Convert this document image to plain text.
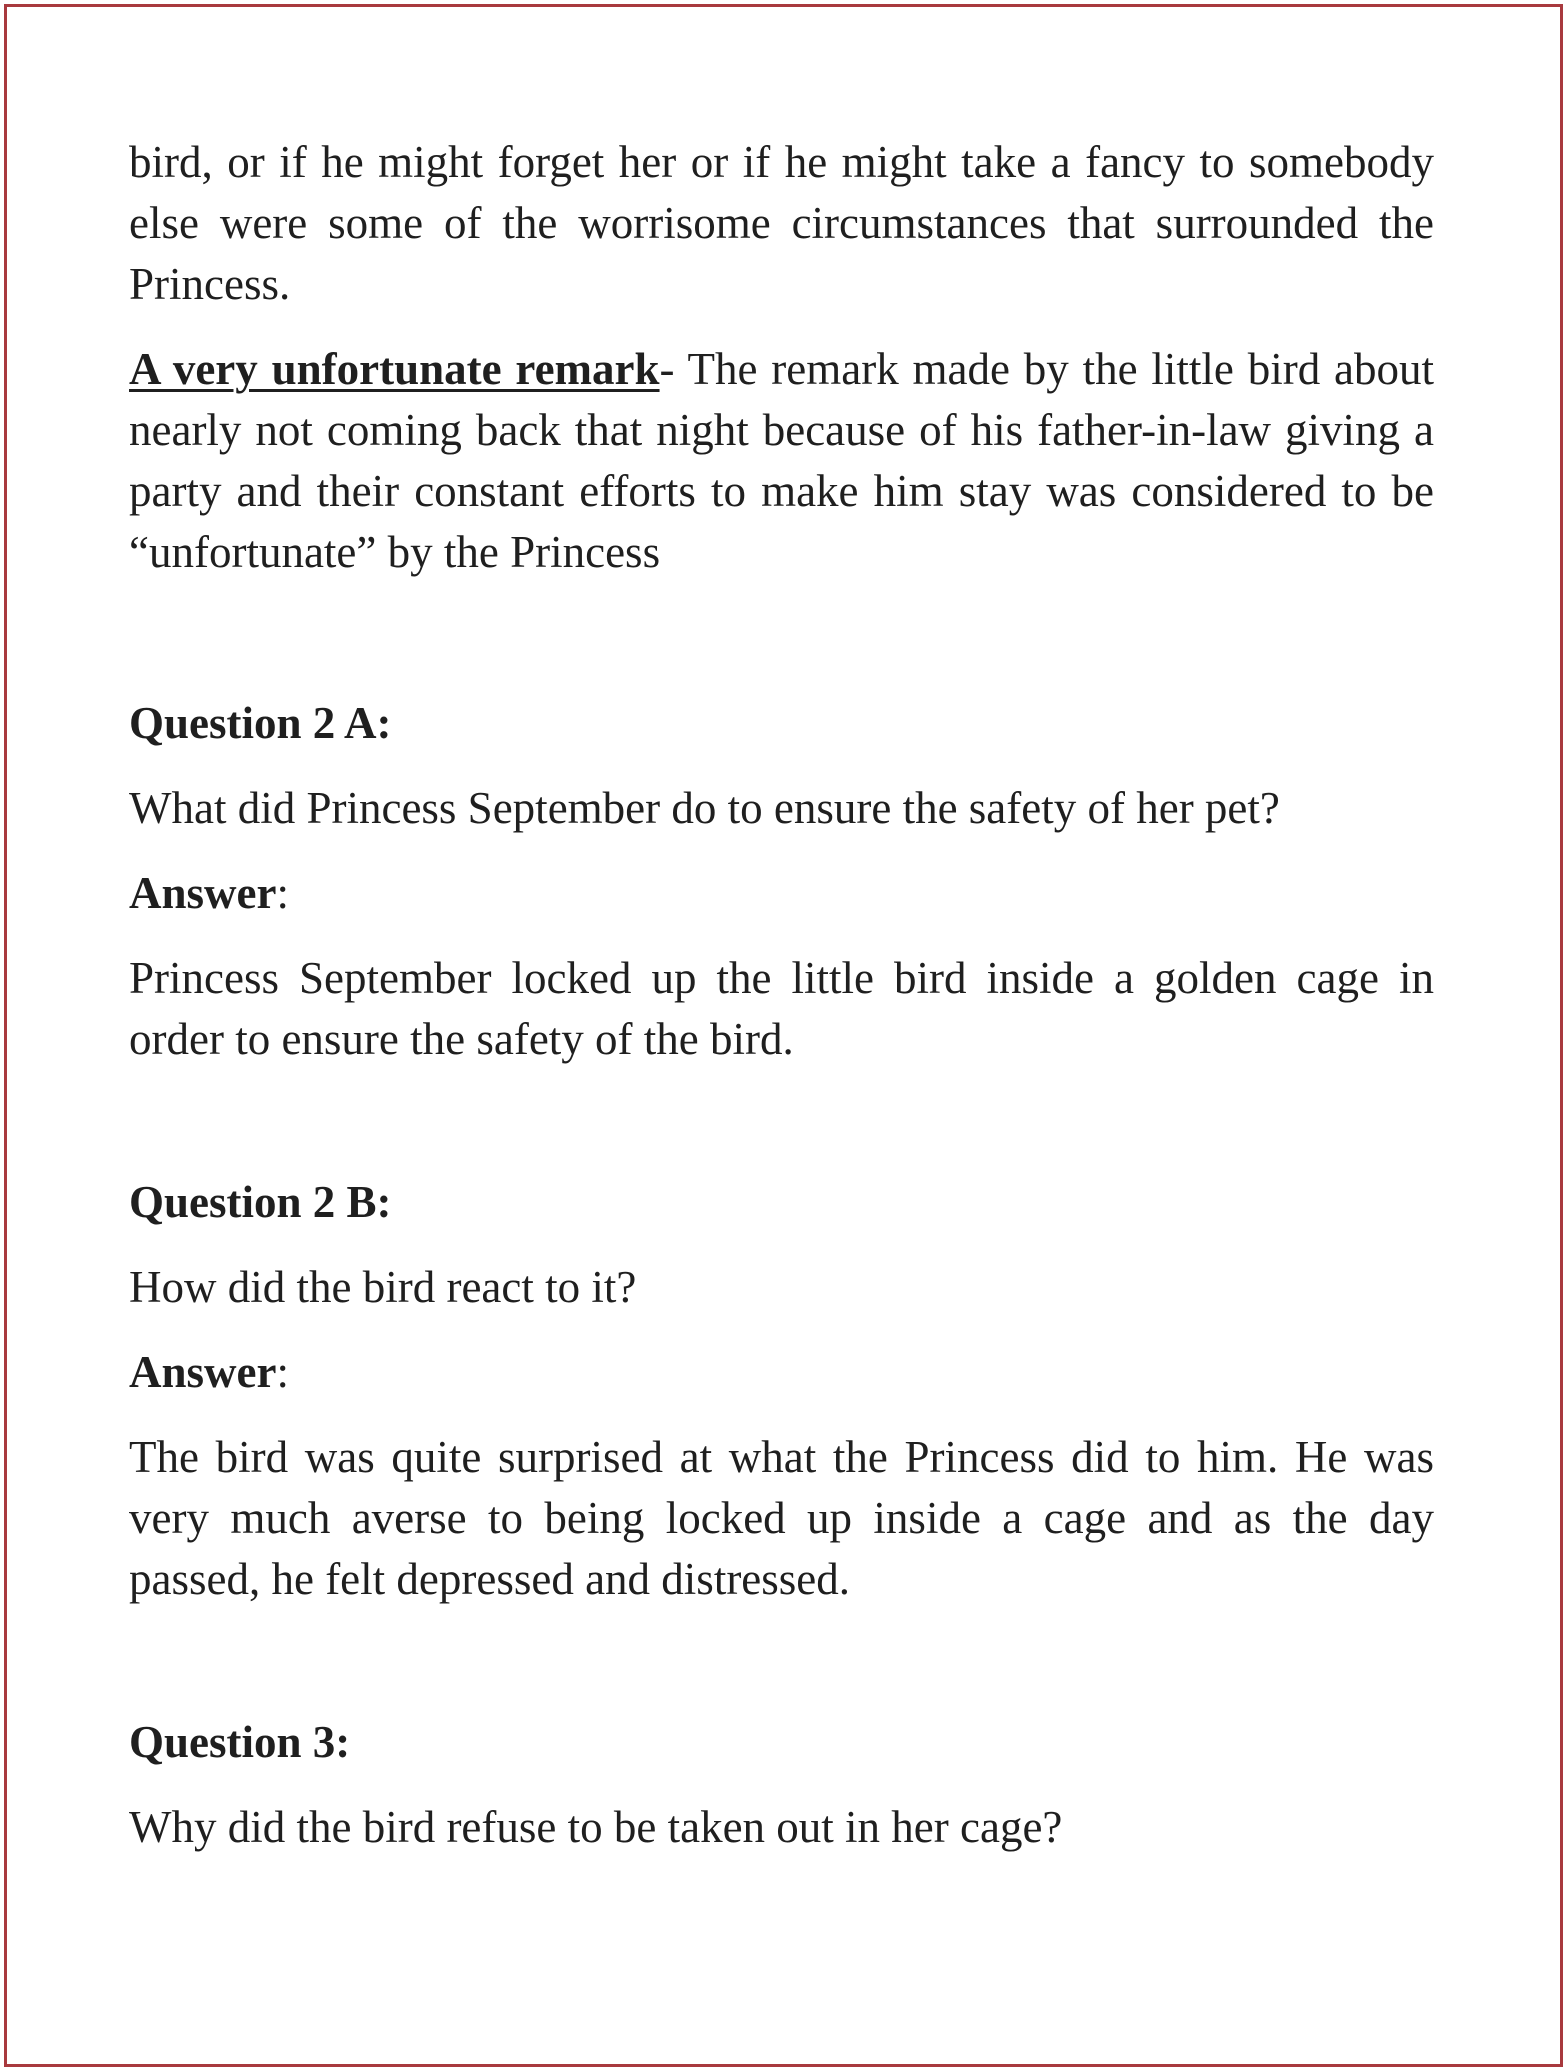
bird, or if he might forget her or if he might take a fancy to somebody else were some of the worrisome circumstances that surrounded the Princess.

A very unfortunate remark- The remark made by the little bird about nearly not coming back that night because of his father-in-law giving a party and their constant efforts to make him stay was considered to be “unfortunate” by the Princess

Question 2 A:

What did Princess September do to ensure the safety of her pet?

Answer:

Princess September locked up the little bird inside a golden cage in order to ensure the safety of the bird.

Question 2 B:

How did the bird react to it?

Answer:

The bird was quite surprised at what the Princess did to him. He was very much averse to being locked up inside a cage and as the day passed, he felt depressed and distressed.

Question 3:

Why did the bird refuse to be taken out in her cage?
